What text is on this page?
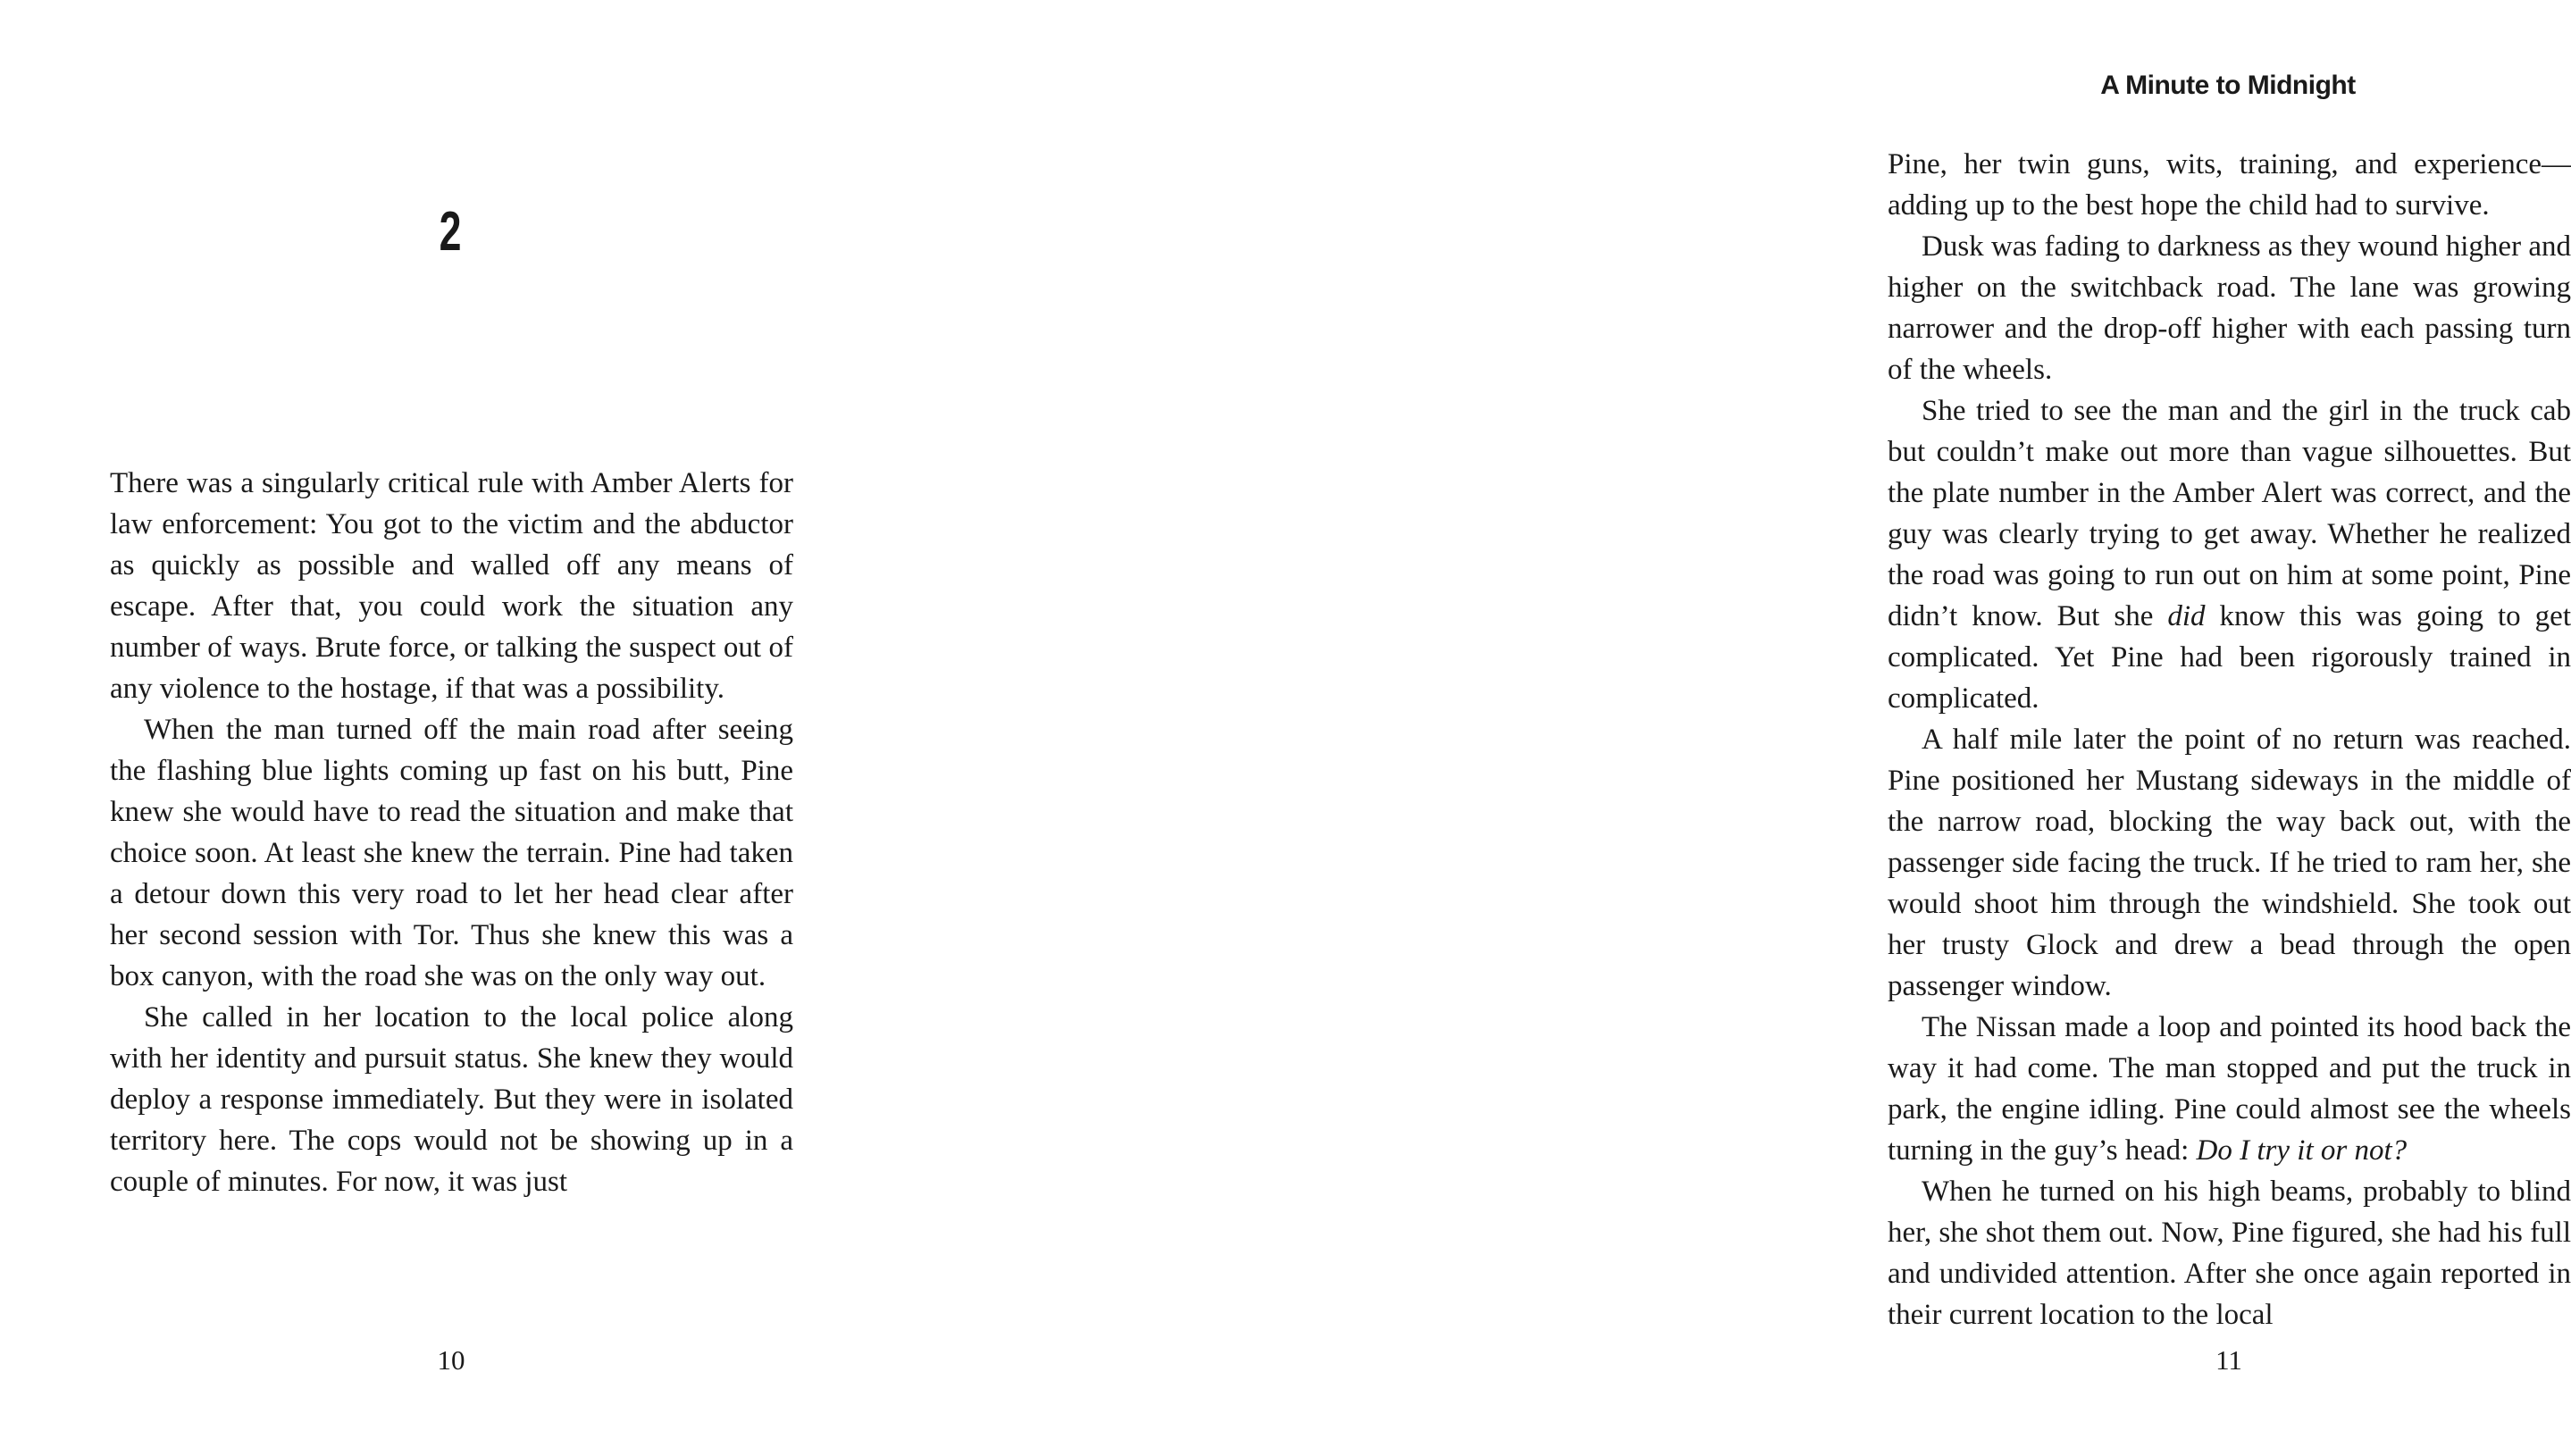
2

There was a singularly critical rule with Amber Alerts for law enforcement: You got to the victim and the abductor as quickly as possible and walled off any means of escape. After that, you could work the situation any number of ways. Brute force, or talking the suspect out of any violence to the hostage, if that was a possibility.

When the man turned off the main road after seeing the flashing blue lights coming up fast on his butt, Pine knew she would have to read the situation and make that choice soon. At least she knew the terrain. Pine had taken a detour down this very road to let her head clear after her second session with Tor. Thus she knew this was a box canyon, with the road she was on the only way out.

She called in her location to the local police along with her identity and pursuit status. She knew they would deploy a response immediately. But they were in isolated territory here. The cops would not be showing up in a couple of minutes. For now, it was just

10
A Minute to Midnight

Pine, her twin guns, wits, training, and experience—adding up to the best hope the child had to survive.

Dusk was fading to darkness as they wound higher and higher on the switchback road. The lane was growing narrower and the drop-off higher with each passing turn of the wheels.

She tried to see the man and the girl in the truck cab but couldn’t make out more than vague silhouettes. But the plate number in the Amber Alert was correct, and the guy was clearly trying to get away. Whether he realized the road was going to run out on him at some point, Pine didn’t know. But she did know this was going to get complicated. Yet Pine had been rigorously trained in complicated.

A half mile later the point of no return was reached. Pine positioned her Mustang sideways in the middle of the narrow road, blocking the way back out, with the passenger side facing the truck. If he tried to ram her, she would shoot him through the windshield. She took out her trusty Glock and drew a bead through the open passenger window.

The Nissan made a loop and pointed its hood back the way it had come. The man stopped and put the truck in park, the engine idling. Pine could almost see the wheels turning in the guy’s head: Do I try it or not?

When he turned on his high beams, probably to blind her, she shot them out. Now, Pine figured, she had his full and undivided attention. After she once again reported in their current location to the local

11
